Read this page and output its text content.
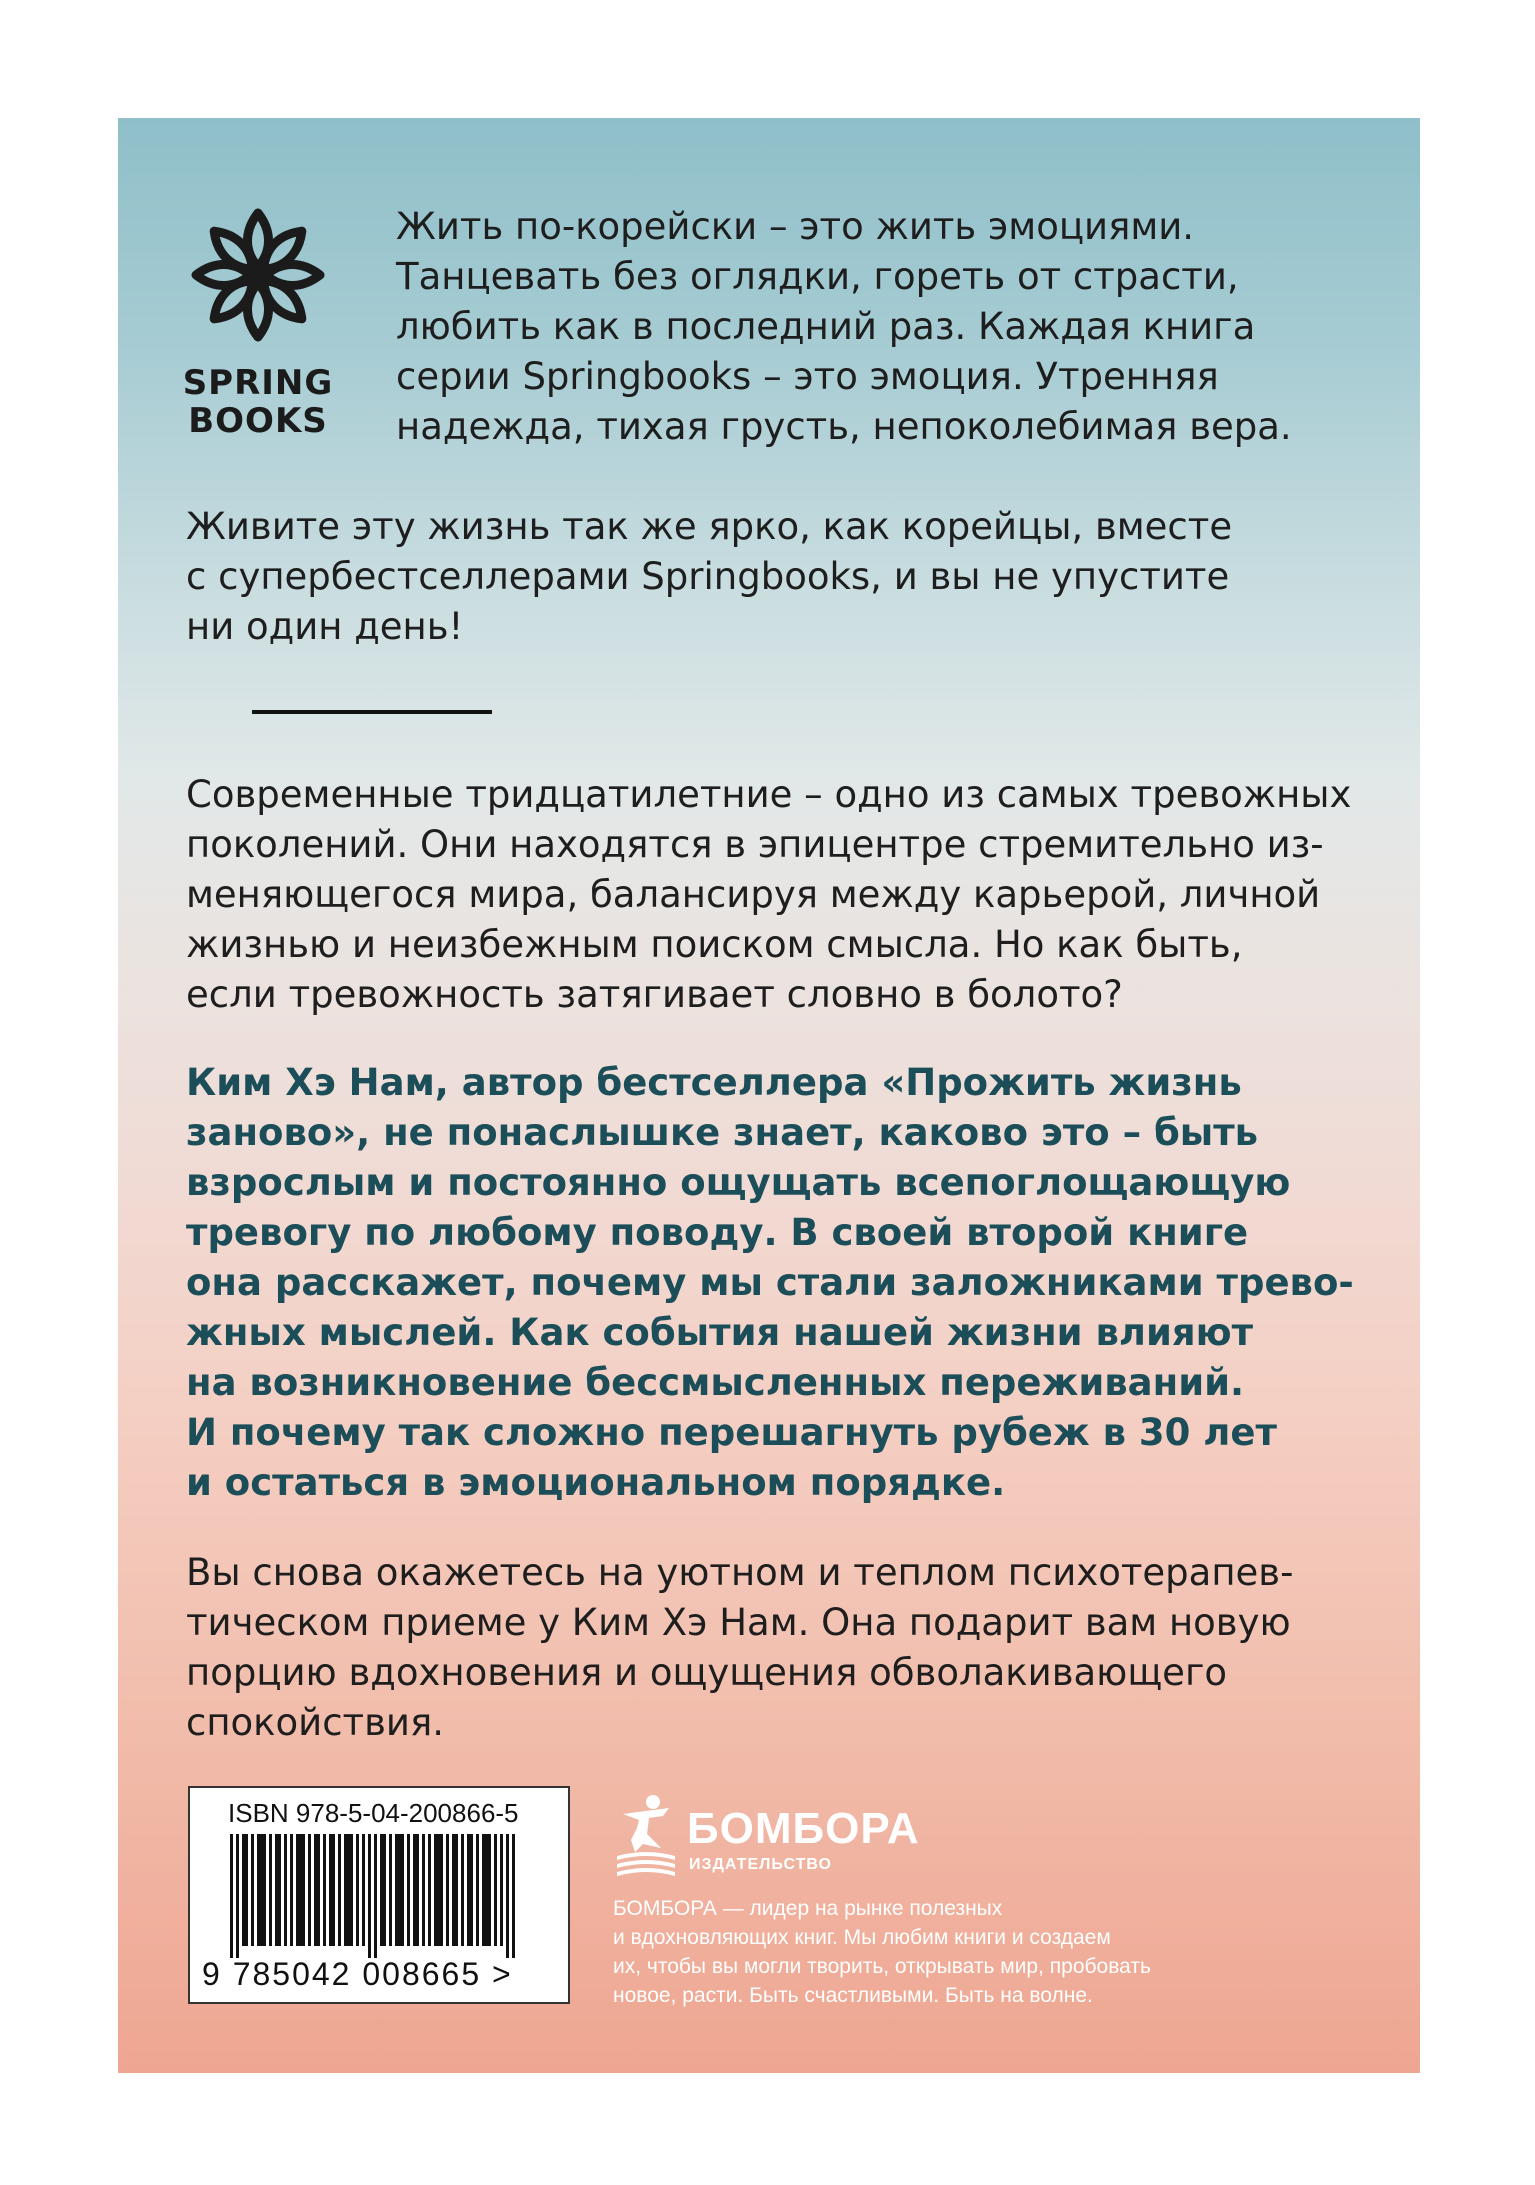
SPRING
BOOKS

Жить по-корейски – это жить эмоциями.
Танцевать без оглядки, гореть от страсти,
любить как в последний раз. Каждая книга
серии Springbooks – это эмоция. Утренняя
надежда, тихая грусть, непоколебимая вера.

Живите эту жизнь так же ярко, как корейцы, вместе
с супербестселлерами Springbooks, и вы не упустите
ни один день!

Современные тридцатилетние – одно из самых тревожных
поколений. Они находятся в эпицентре стремительно из-
меняющегося мира, балансируя между карьерой, личной
жизнью и неизбежным поиском смысла. Но как быть,
если тревожность затягивает словно в болото?

Ким Хэ Нам, автор бестселлера «Прожить жизнь
заново», не понаслышке знает, каково это – быть
взрослым и постоянно ощущать всепоглощающую
тревогу по любому поводу. В своей второй книге
она расскажет, почему мы стали заложниками трево-
жных мыслей. Как события нашей жизни влияют
на возникновение бессмысленных переживаний.
И почему так сложно перешагнуть рубеж в 30 лет
и остаться в эмоциональном порядке.

Вы снова окажетесь на уютном и теплом психотерапев-
тическом приеме у Ким Хэ Нам. Она подарит вам новую
порцию вдохновения и ощущения обволакивающего
спокойствия.

ISBN 978-5-04-200866-5
9 785042 008665 >

БОМБОРА

ИЗДАТЕЛЬСТВО

БОМБОРА — лидер на рынке полезных
и вдохновляющих книг. Мы любим книги и создаем
их, чтобы вы могли творить, открывать мир, пробовать
новое, расти. Быть счастливыми. Быть на волне.
